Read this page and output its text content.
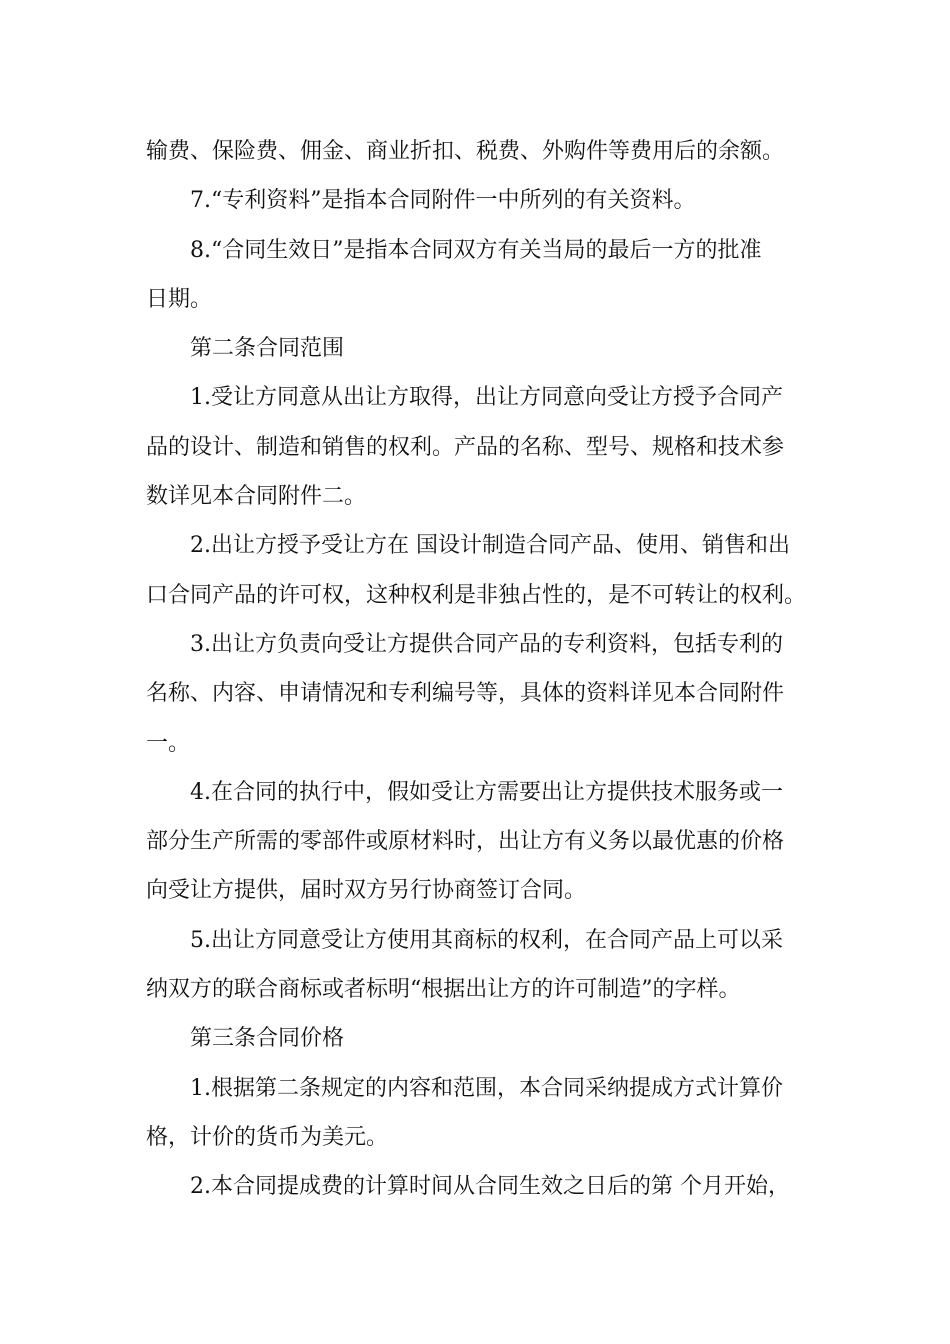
输费、保险费、佣金、商业折扣、税费、外购件等费用后的余额。

7.“专利资料”是指本合同附件一中所列的有关资料。

8.“合同生效日”是指本合同双方有关当局的最后一方的批准

日期。

第二条合同范围

1.受让方同意从出让方取得，出让方同意向受让方授予合同产

品的设计、制造和销售的权利。产品的名称、型号、规格和技术参

数详见本合同附件二。

2.出让方授予受让方在 国设计制造合同产品、使用、销售和出

口合同产品的许可权，这种权利是非独占性的，是不可转让的权利。

3.出让方负责向受让方提供合同产品的专利资料，包括专利的

名称、内容、申请情况和专利编号等，具体的资料详见本合同附件

一。

4.在合同的执行中，假如受让方需要出让方提供技术服务或一

部分生产所需的零部件或原材料时，出让方有义务以最优惠的价格

向受让方提供，届时双方另行协商签订合同。

5.出让方同意受让方使用其商标的权利，在合同产品上可以采

纳双方的联合商标或者标明“根据出让方的许可制造”的字样。

第三条合同价格

1.根据第二条规定的内容和范围，本合同采纳提成方式计算价

格，计价的货币为美元。

2.本合同提成费的计算时间从合同生效之日后的第 个月开始，
